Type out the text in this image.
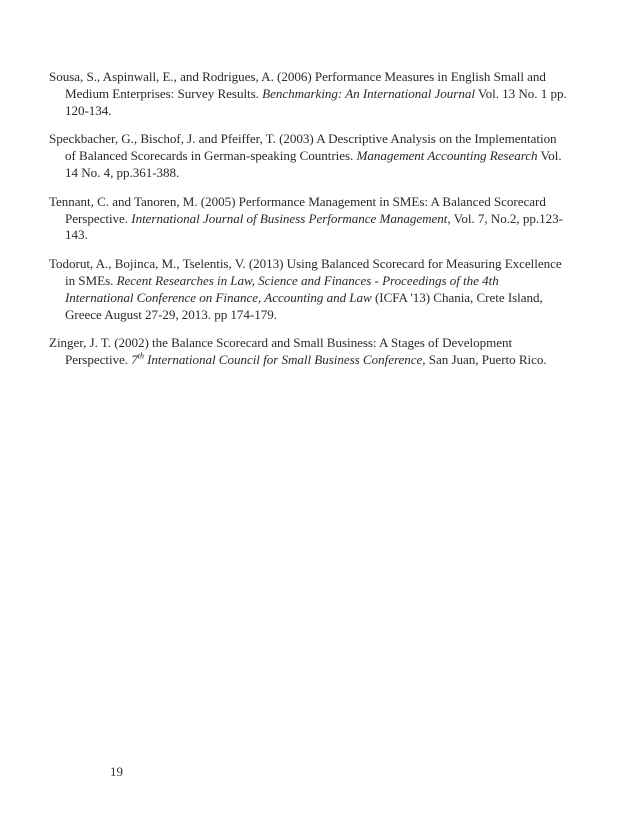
Sousa, S., Aspinwall, E., and Rodrigues, A. (2006) Performance Measures in English Small and Medium Enterprises: Survey Results. Benchmarking: An International Journal Vol. 13 No. 1 pp. 120-134.

Speckbacher, G., Bischof, J. and Pfeiffer, T. (2003) A Descriptive Analysis on the Implementation of Balanced Scorecards in German-speaking Countries. Management Accounting Research Vol. 14 No. 4, pp.361-388.

Tennant, C. and Tanoren, M. (2005) Performance Management in SMEs: A Balanced Scorecard Perspective. International Journal of Business Performance Management, Vol. 7, No.2, pp.123-143.

Todorut, A., Bojinca, M., Tselentis, V. (2013) Using Balanced Scorecard for Measuring Excellence in SMEs. Recent Researches in Law, Science and Finances - Proceedings of the 4th International Conference on Finance, Accounting and Law (ICFA '13) Chania, Crete Island, Greece August 27-29, 2013. pp 174-179.

Zinger, J. T. (2002) the Balance Scorecard and Small Business: A Stages of Development Perspective. 7th International Council for Small Business Conference, San Juan, Puerto Rico.

19
